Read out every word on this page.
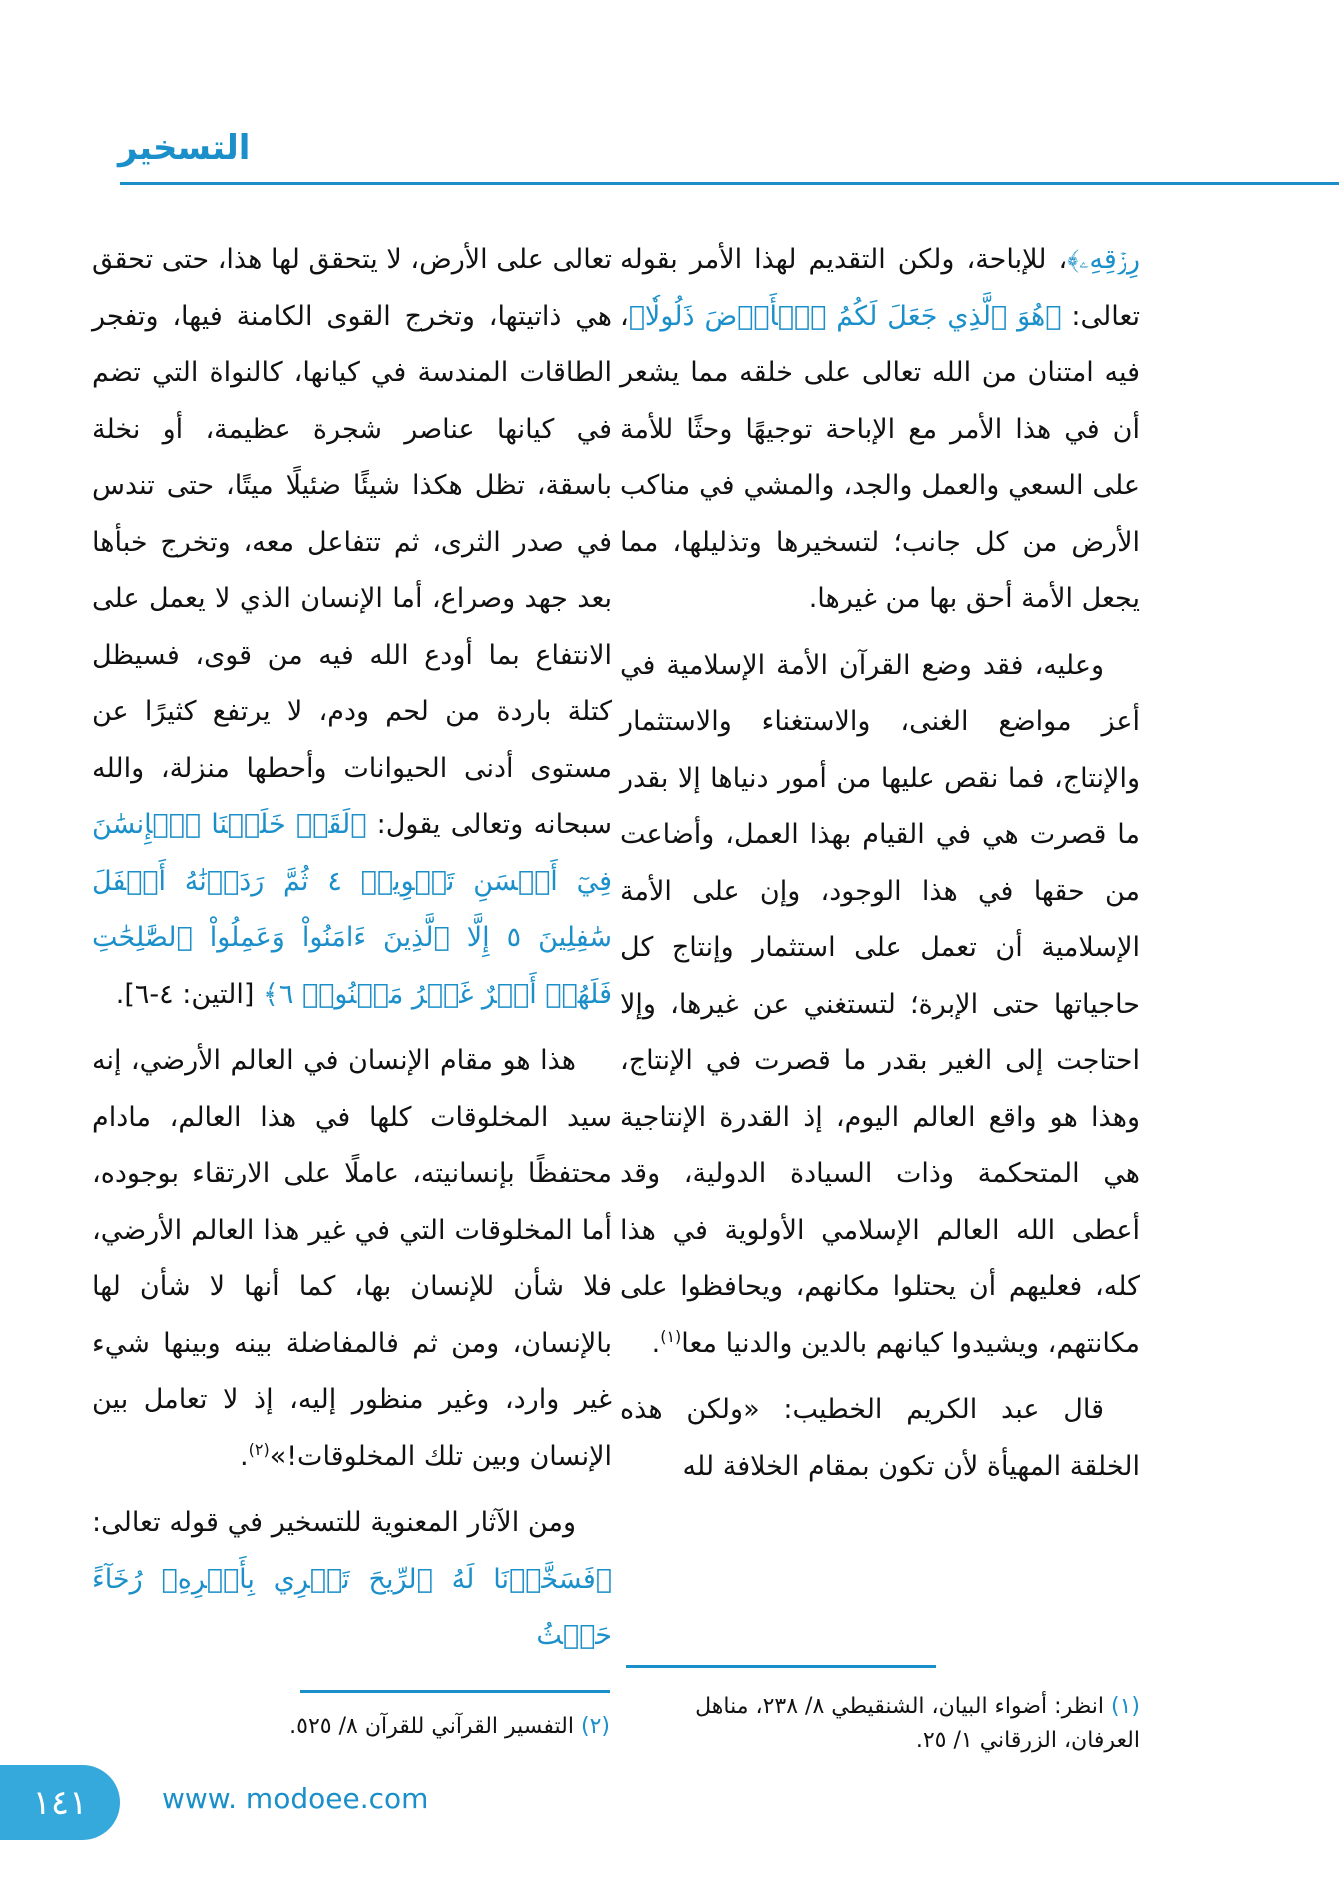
التسخير

رِزۡقِهِۦ﴾، للإباحة، ولكن التقديم لهذا الأمر بقوله تعالى: ﴿هُوَ ٱلَّذِي جَعَلَ لَكُمُ ٱلۡأَرۡضَ ذَلُولٗا﴾، فيه امتنان من الله تعالى على خلقه مما يشعر أن في هذا الأمر مع الإباحة توجيهًا وحثًا للأمة على السعي والعمل والجد، والمشي في مناكب الأرض من كل جانب؛ لتسخيرها وتذليلها، مما يجعل الأمة أحق بها من غيرها.

وعليه، فقد وضع القرآن الأمة الإسلامية في أعز مواضع الغنى، والاستغناء والاستثمار والإنتاج، فما نقص عليها من أمور دنياها إلا بقدر ما قصرت هي في القيام بهذا العمل، وأضاعت من حقها في هذا الوجود، وإن على الأمة الإسلامية أن تعمل على استثمار وإنتاج كل حاجياتها حتى الإبرة؛ لتستغني عن غيرها، وإلا احتاجت إلى الغير بقدر ما قصرت في الإنتاج، وهذا هو واقع العالم اليوم، إذ القدرة الإنتاجية هي المتحكمة وذات السيادة الدولية، وقد أعطى الله العالم الإسلامي الأولوية في هذا كله، فعليهم أن يحتلوا مكانهم، ويحافظوا على مكانتهم، ويشيدوا كيانهم بالدين والدنيا معا$^{(١)}$.

قال عبد الكريم الخطيب: «ولكن هذه الخلقة المهيأة لأن تكون بمقام الخلافة لله

تعالى على الأرض، لا يتحقق لها هذا، حتى تحقق هي ذاتيتها، وتخرج القوى الكامنة فيها، وتفجر الطاقات المندسة في كيانها، كالنواة التي تضم في كيانها عناصر شجرة عظيمة، أو نخلة باسقة، تظل هكذا شيئًا ضئيلًا ميتًا، حتى تندس في صدر الثرى، ثم تتفاعل معه، وتخرج خبأها بعد جهد وصراع، أما الإنسان الذي لا يعمل على الانتفاع بما أودع الله فيه من قوى، فسيظل كتلة باردة من لحم ودم، لا يرتفع كثيرًا عن مستوى أدنى الحيوانات وأحطها منزلة، والله سبحانه وتعالى يقول: ﴿لَقَدۡ خَلَقۡنَا ٱلۡإِنسَٰنَ فِيٓ أَحۡسَنِ تَقۡوِيمٖ ٤ ثُمَّ رَدَدۡنَٰهُ أَسۡفَلَ سَٰفِلِينَ ٥ إِلَّا ٱلَّذِينَ ءَامَنُواْ وَعَمِلُواْ ٱلصَّٰلِحَٰتِ فَلَهُمۡ أَجۡرٌ غَيۡرُ مَمۡنُونٖ ٦﴾ [التين: ٤-٦].

هذا هو مقام الإنسان في العالم الأرضي، إنه سيد المخلوقات كلها في هذا العالم، مادام محتفظًا بإنسانيته، عاملًا على الارتقاء بوجوده، أما المخلوقات التي في غير هذا العالم الأرضي، فلا شأن للإنسان بها، كما أنها لا شأن لها بالإنسان، ومن ثم فالمفاضلة بينه وبينها شيء غير وارد، وغير منظور إليه، إذ لا تعامل بين الإنسان وبين تلك المخلوقات!»$^{(٢)}$.

ومن الآثار المعنوية للتسخير في قوله تعالى: ﴿فَسَخَّرۡنَا لَهُ ٱلرِّيحَ تَجۡرِي بِأَمۡرِهِۦ رُخَآءً حَيۡثُ

(١) انظر: أضواء البيان، الشنقيطي ٨/ ٢٣٨، مناهل العرفان، الزرقاني ١/ ٢٥.
(٢) التفسير القرآني للقرآن ٨/ ٥٢٥.
١٤١	www. modoee.com
